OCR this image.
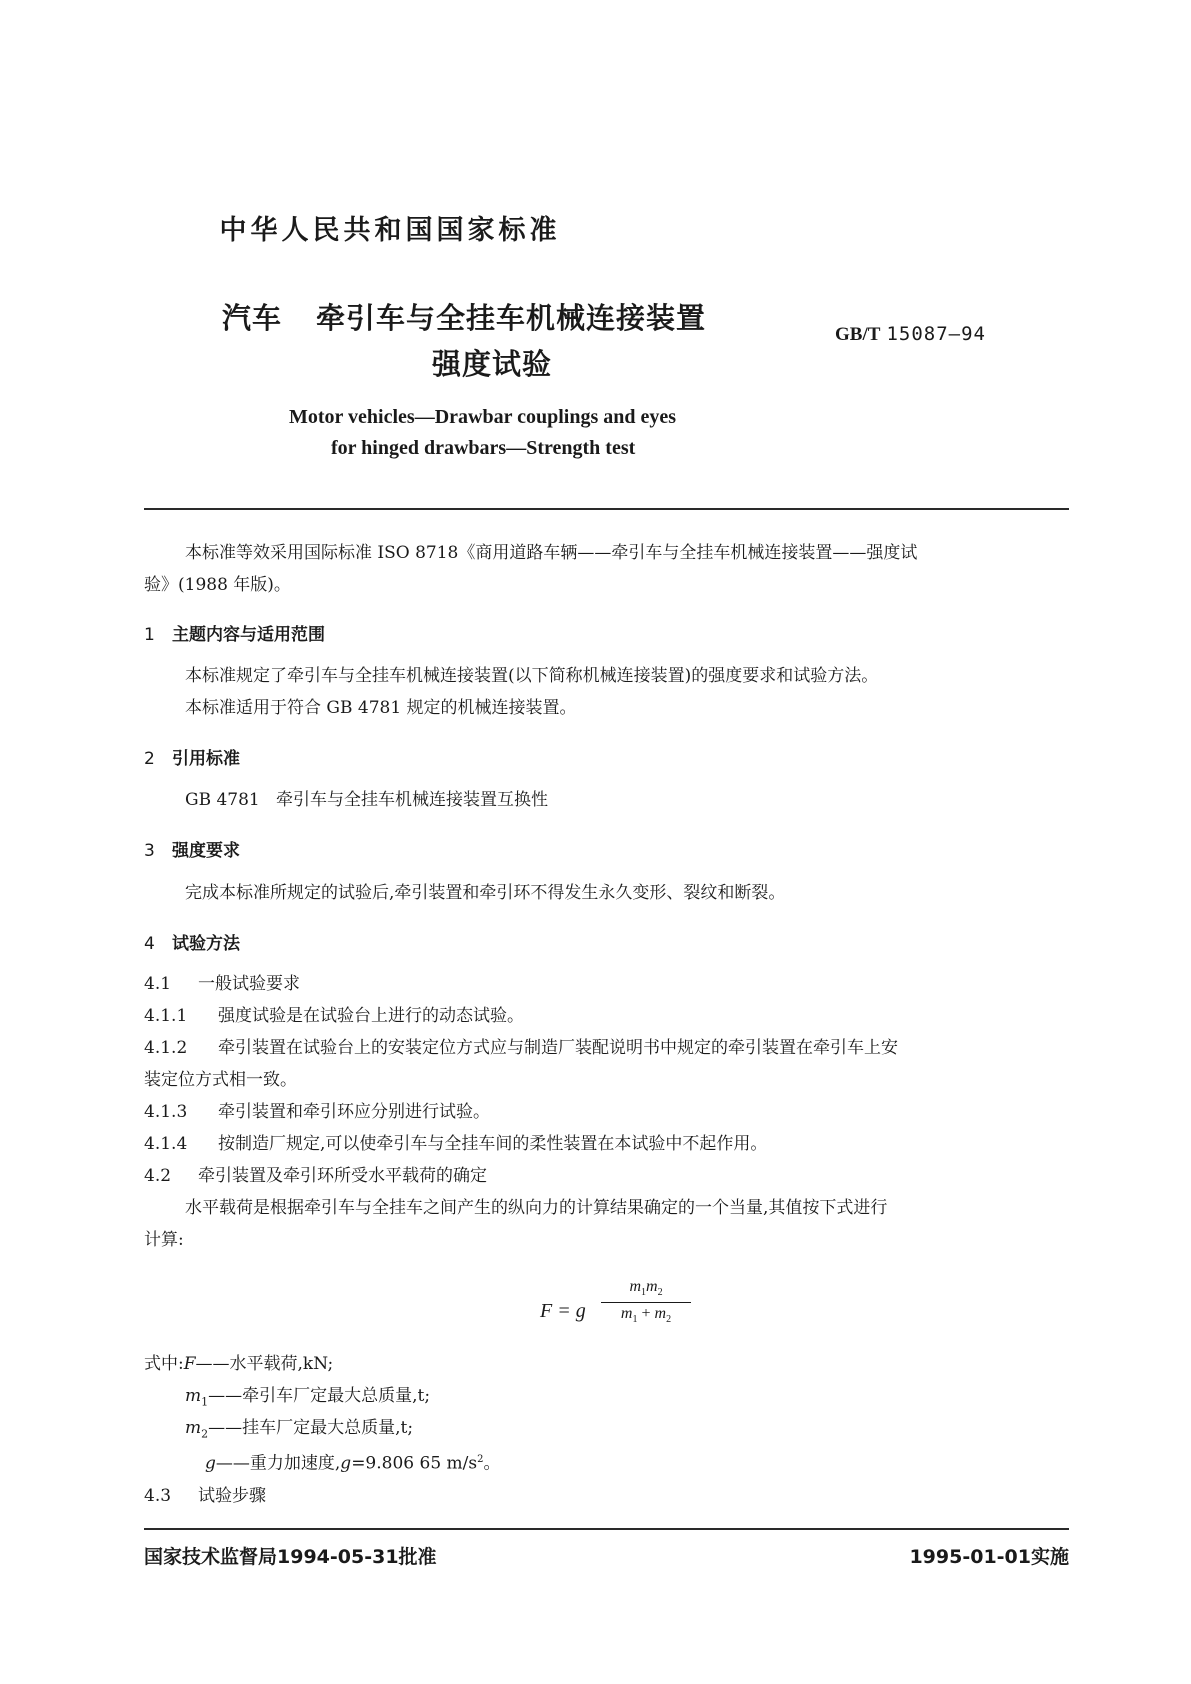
中华人民共和国国家标准
汽车 牵引车与全挂车机械连接装置
强度试验
GB/T 15087—94
Motor vehicles—Drawbar couplings and eyes
for hinged drawbars—Strength test
本标准等效采用国际标准 ISO 8718《商用道路车辆——牵引车与全挂车机械连接装置——强度试
验》(1988 年版)。
1 主题内容与适用范围
本标准规定了牵引车与全挂车机械连接装置(以下简称机械连接装置)的强度要求和试验方法。
本标准适用于符合 GB 4781 规定的机械连接装置。
2 引用标准
GB 4781   牵引车与全挂车机械连接装置互换性
3 强度要求
完成本标准所规定的试验后,牵引装置和牵引环不得发生永久变形、裂纹和断裂。
4 试验方法
4.1 一般试验要求
4.1.1 强度试验是在试验台上进行的动态试验。
4.1.2 牵引装置在试验台上的安装定位方式应与制造厂装配说明书中规定的牵引装置在牵引车上安
装定位方式相一致。
4.1.3 牵引装置和牵引环应分别进行试验。
4.1.4 按制造厂规定,可以使牵引车与全挂车间的柔性装置在本试验中不起作用。
4.2 牵引装置及牵引环所受水平载荷的确定
水平载荷是根据牵引车与全挂车之间产生的纵向力的计算结果确定的一个当量,其值按下式进行
计算:
F = g
$m_1m_2$
$m_1 + m_2$
式中:F——水平载荷,kN;
$m_1——$牵引车厂定最大总质量,t;
$m_2——$挂车厂定最大总质量,t;
g——重力加速度,g=9.806 65 $m/s^2$。
4.3 试验步骤
国家技术监督局1994-05-31批准	1995-01-01实施
